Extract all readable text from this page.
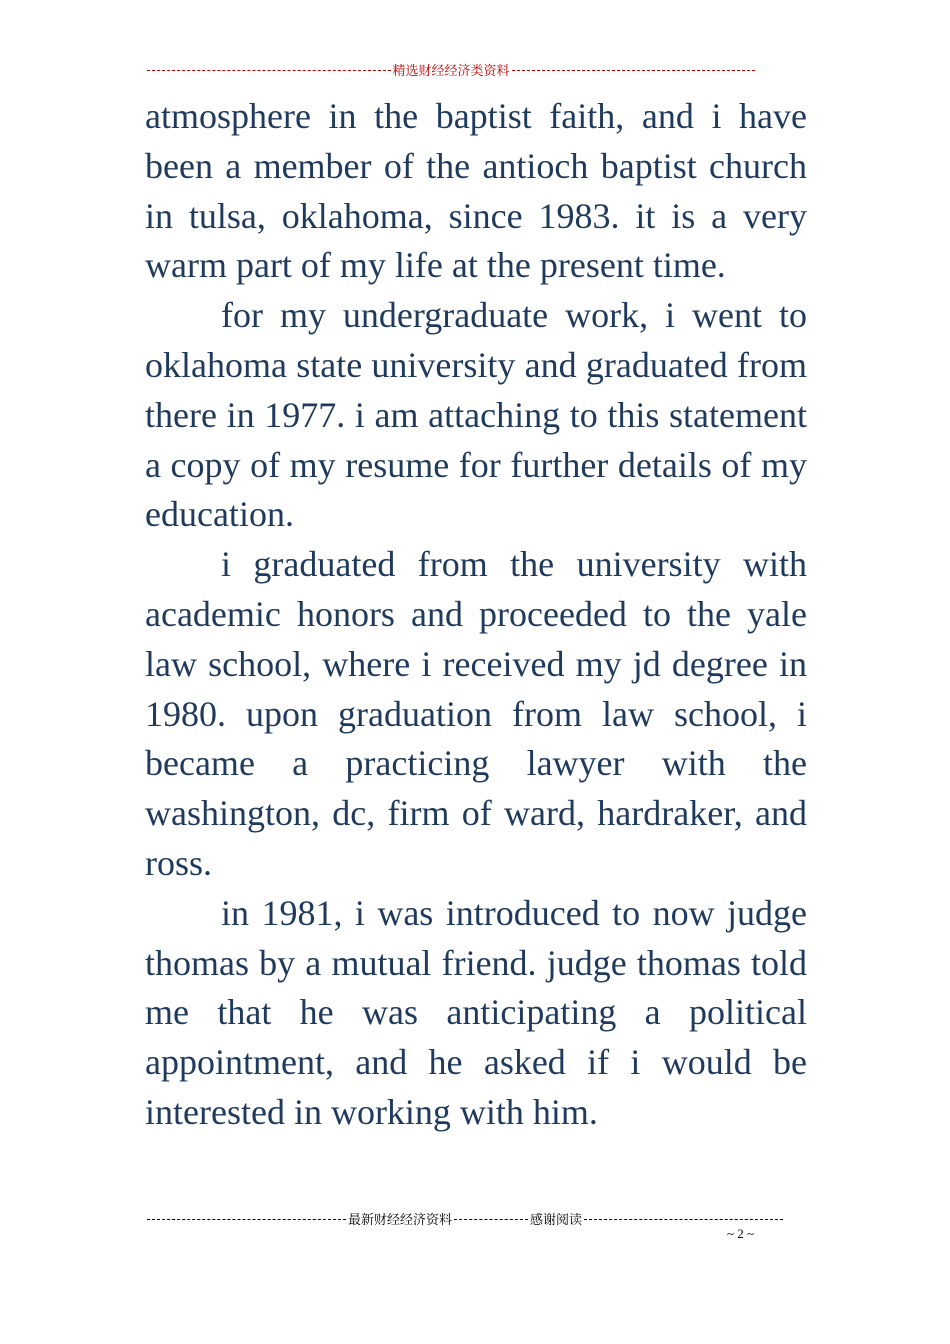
精选财经经济类资料

atmosphere in the baptist faith, and i have been a member of the antioch baptist church in tulsa, oklahoma, since 1983. it is a very warm part of my life at the present time.

for my undergraduate work, i went to oklahoma state university and graduated from there in 1977. i am attaching to this statement a copy of my resume for further details of my education.

i graduated from the university with academic honors and proceeded to the yale law school, where i received my jd degree in 1980. upon graduation from law school, i became a practicing lawyer with the washington, dc, firm of ward, hardraker, and ross.

in 1981, i was introduced to now judge thomas by a mutual friend. judge thomas told me that he was anticipating a political appointment, and he asked if i would be interested in working with him.

最新财经经济资料	感谢阅读
~ 2 ~
